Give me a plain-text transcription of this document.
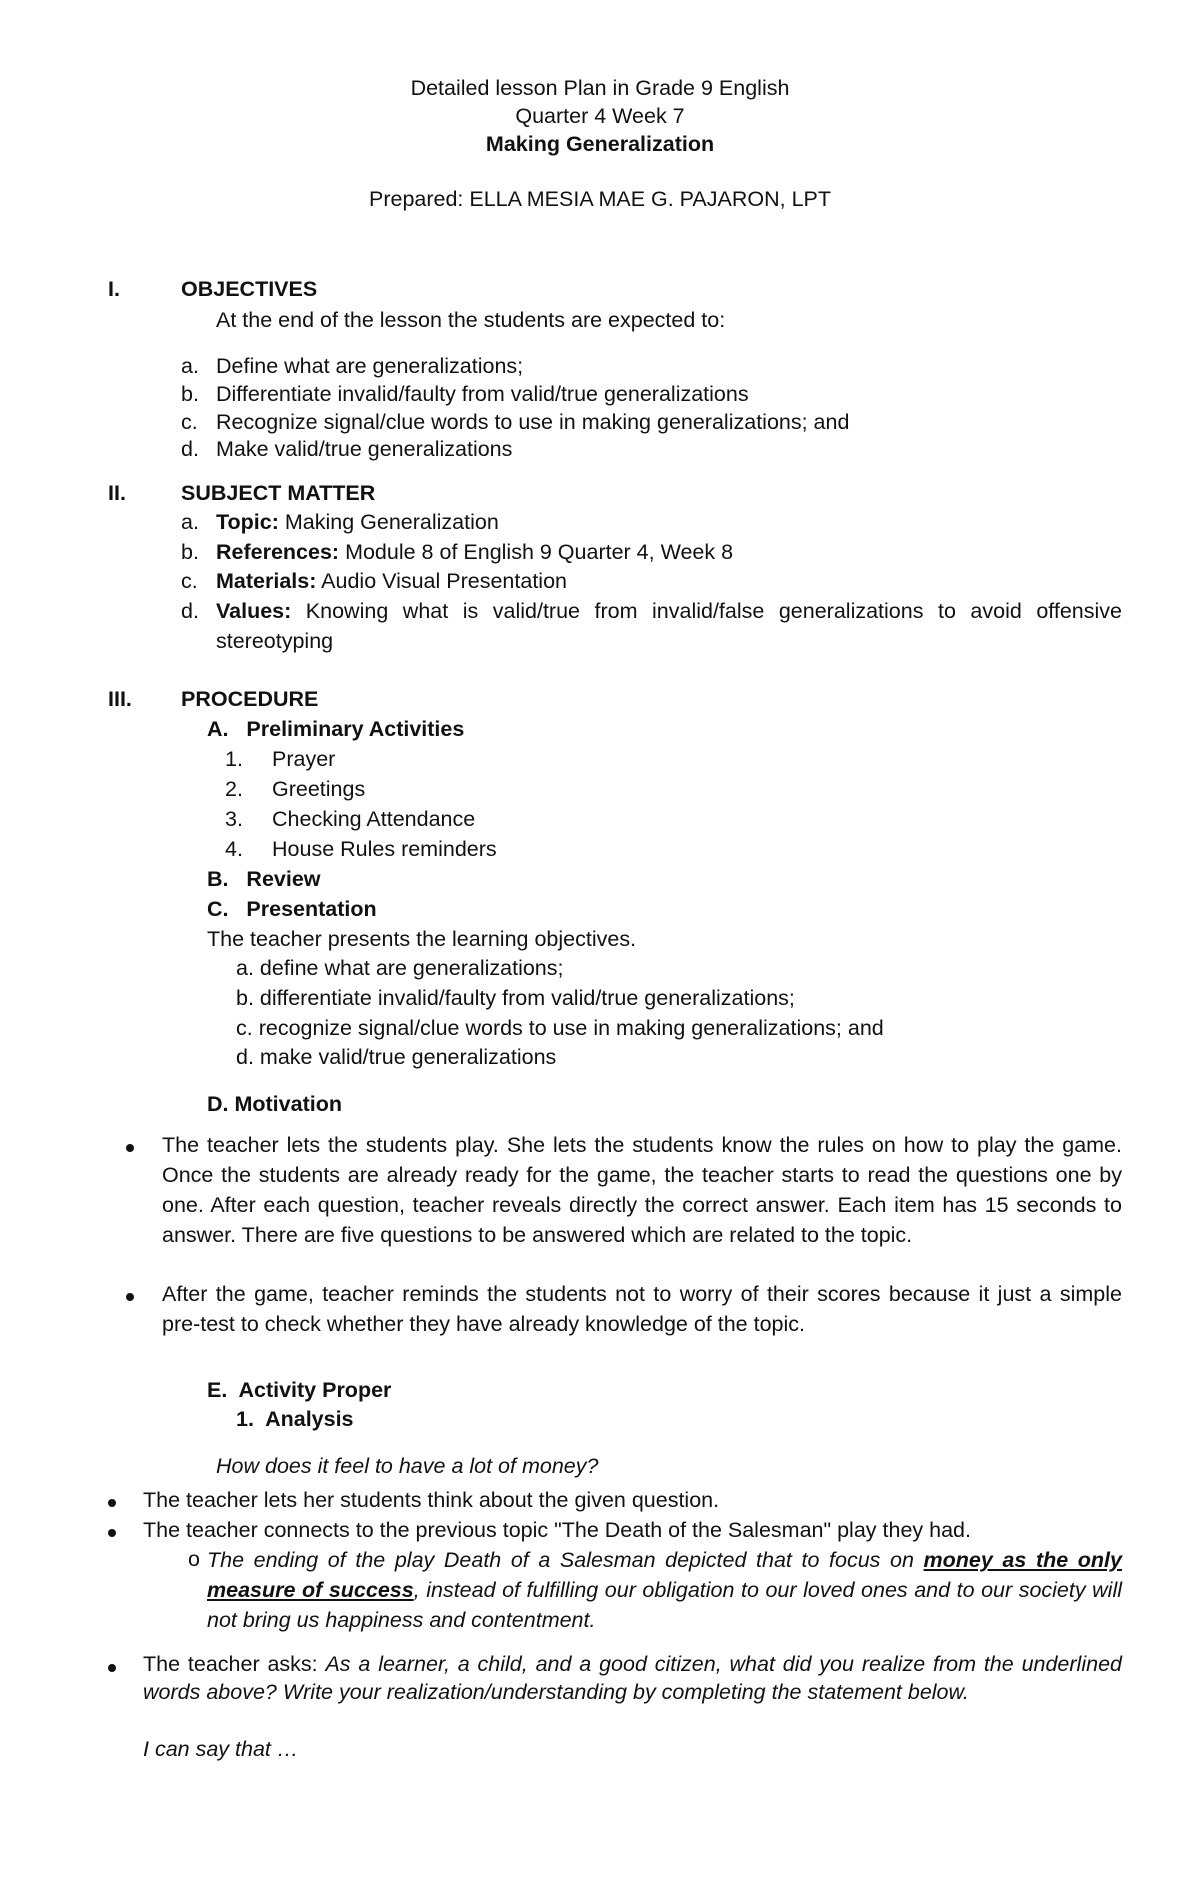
Detailed lesson Plan in Grade 9 English
Quarter 4 Week 7
Making Generalization
Prepared: ELLA MESIA MAE G. PAJARON, LPT
I.	OBJECTIVES
At the end of the lesson the students are expected to:
a. Define what are generalizations;
b. Differentiate invalid/faulty from valid/true generalizations
c. Recognize signal/clue words to use in making generalizations; and
d. Make valid/true generalizations
II.	SUBJECT MATTER
a. Topic: Making Generalization
b. References: Module 8 of English 9 Quarter 4, Week 8
c. Materials: Audio Visual Presentation
d. Values: Knowing what is valid/true from invalid/false generalizations to avoid offensive stereotyping
III. PROCEDURE
A.   Preliminary Activities
1. Prayer
2. Greetings
3. Checking Attendance
4. House Rules reminders
B.   Review
C.   Presentation
The teacher presents the learning objectives.
a. define what are generalizations;
b. differentiate invalid/faulty from valid/true generalizations;
c. recognize signal/clue words to use in making generalizations; and
d. make valid/true generalizations
D. Motivation
The teacher lets the students play. She lets the students know the rules on how to play the game. Once the students are already ready for the game, the teacher starts to read the questions one by one. After each question, teacher reveals directly the correct answer. Each item has 15 seconds to answer. There are five questions to be answered which are related to the topic.
After the game, teacher reminds the students not to worry of their scores because it just a simple pre-test to check whether they have already knowledge of the topic.
E.  Activity Proper
1.  Analysis
How does it feel to have a lot of money?
The teacher lets her students think about the given question.
The teacher connects to the previous topic "The Death of the Salesman" play they had.
o The ending of the play Death of a Salesman depicted that to focus on money as the only measure of success, instead of fulfilling our obligation to our loved ones and to our society will not bring us happiness and contentment.
The teacher asks: As a learner, a child, and a good citizen, what did you realize from the underlined words above? Write your realization/understanding by completing the statement below.
I can say that …
